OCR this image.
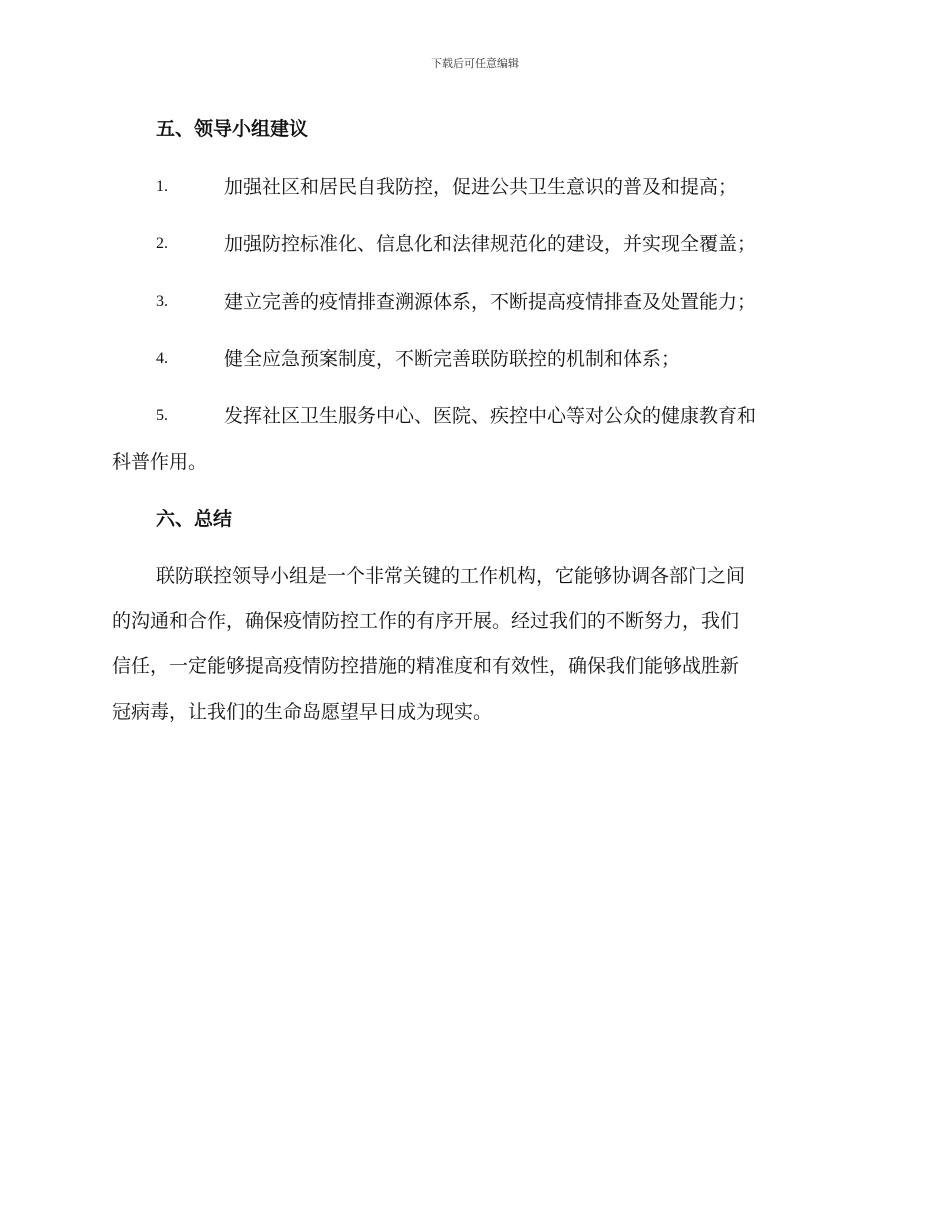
下载后可任意编辑
五、领导小组建议
1.	加强社区和居民自我防控，促进公共卫生意识的普及和提高；
2.	加强防控标准化、信息化和法律规范化的建设，并实现全覆盖；
3.	建立完善的疫情排查溯源体系，不断提高疫情排查及处置能力；
4.	健全应急预案制度，不断完善联防联控的机制和体系；
5.	发挥社区卫生服务中心、医院、疾控中心等对公众的健康教育和
科普作用。
六、总结
联防联控领导小组是一个非常关键的工作机构，它能够协调各部门之间
的沟通和合作，确保疫情防控工作的有序开展。经过我们的不断努力，我们
信任，一定能够提高疫情防控措施的精准度和有效性，确保我们能够战胜新
冠病毒，让我们的生命岛愿望早日成为现实。
